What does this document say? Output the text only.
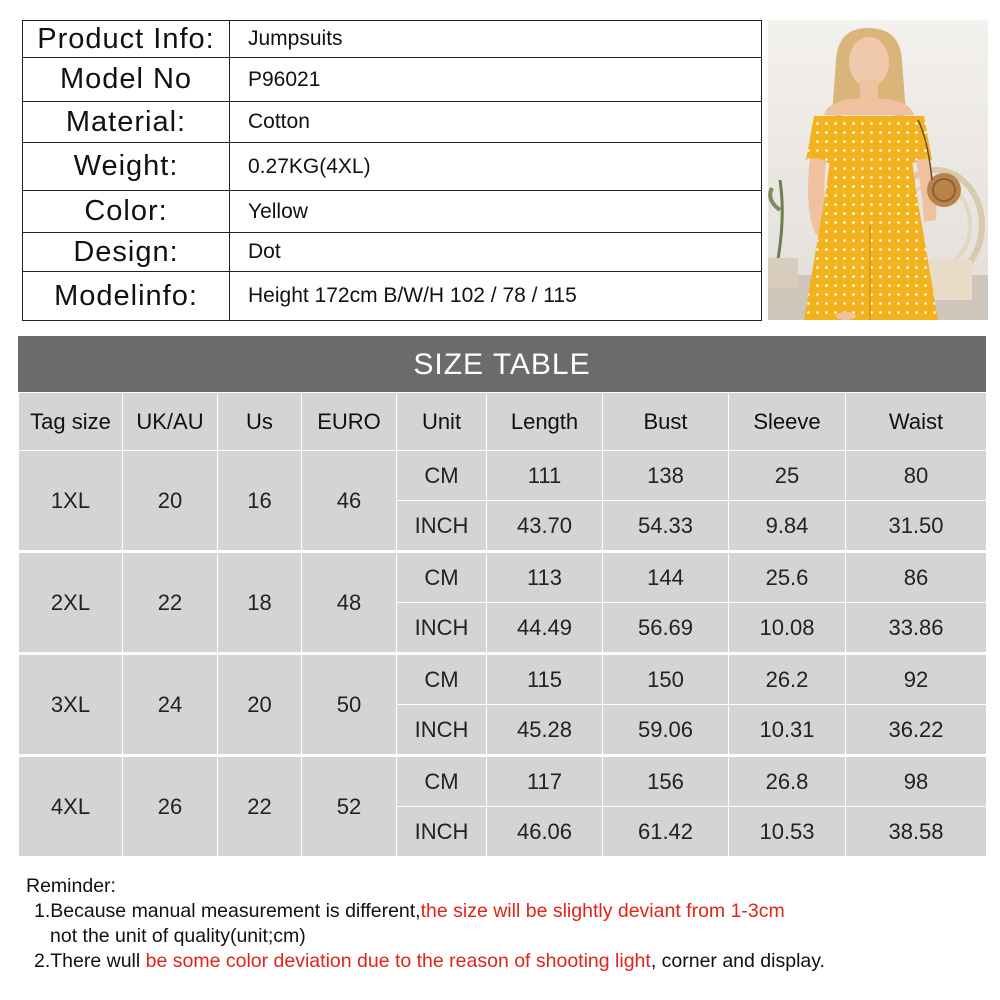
Product Info:	Jumpsuits
Model No	P96021
Material:	Cotton
Weight:	0.27KG(4XL)
Color:	Yellow
Design:	Dot
Modelinfo:	Height 172cm B/W/H 102 / 78 / 115
SIZE TABLE
Tag size	UK/AU	Us	EURO	Unit	Length	Bust	Sleeve	Waist
1XL	20	16	46	CM	111	138	25	80
				INCH	43.70	54.33	9.84	31.50
2XL	22	18	48	CM	113	144	25.6	86
				INCH	44.49	56.69	10.08	33.86
3XL	24	20	50	CM	115	150	26.2	92
				INCH	45.28	59.06	10.31	36.22
4XL	26	22	52	CM	117	156	26.8	98
				INCH	46.06	61.42	10.53	38.58
Reminder:
1.Because manual measurement is different,the size will be slightly deviant from 1-3cm
not the unit of quality(unit;cm)
2.There wull be some color deviation due to the reason of shooting light, corner and display.
